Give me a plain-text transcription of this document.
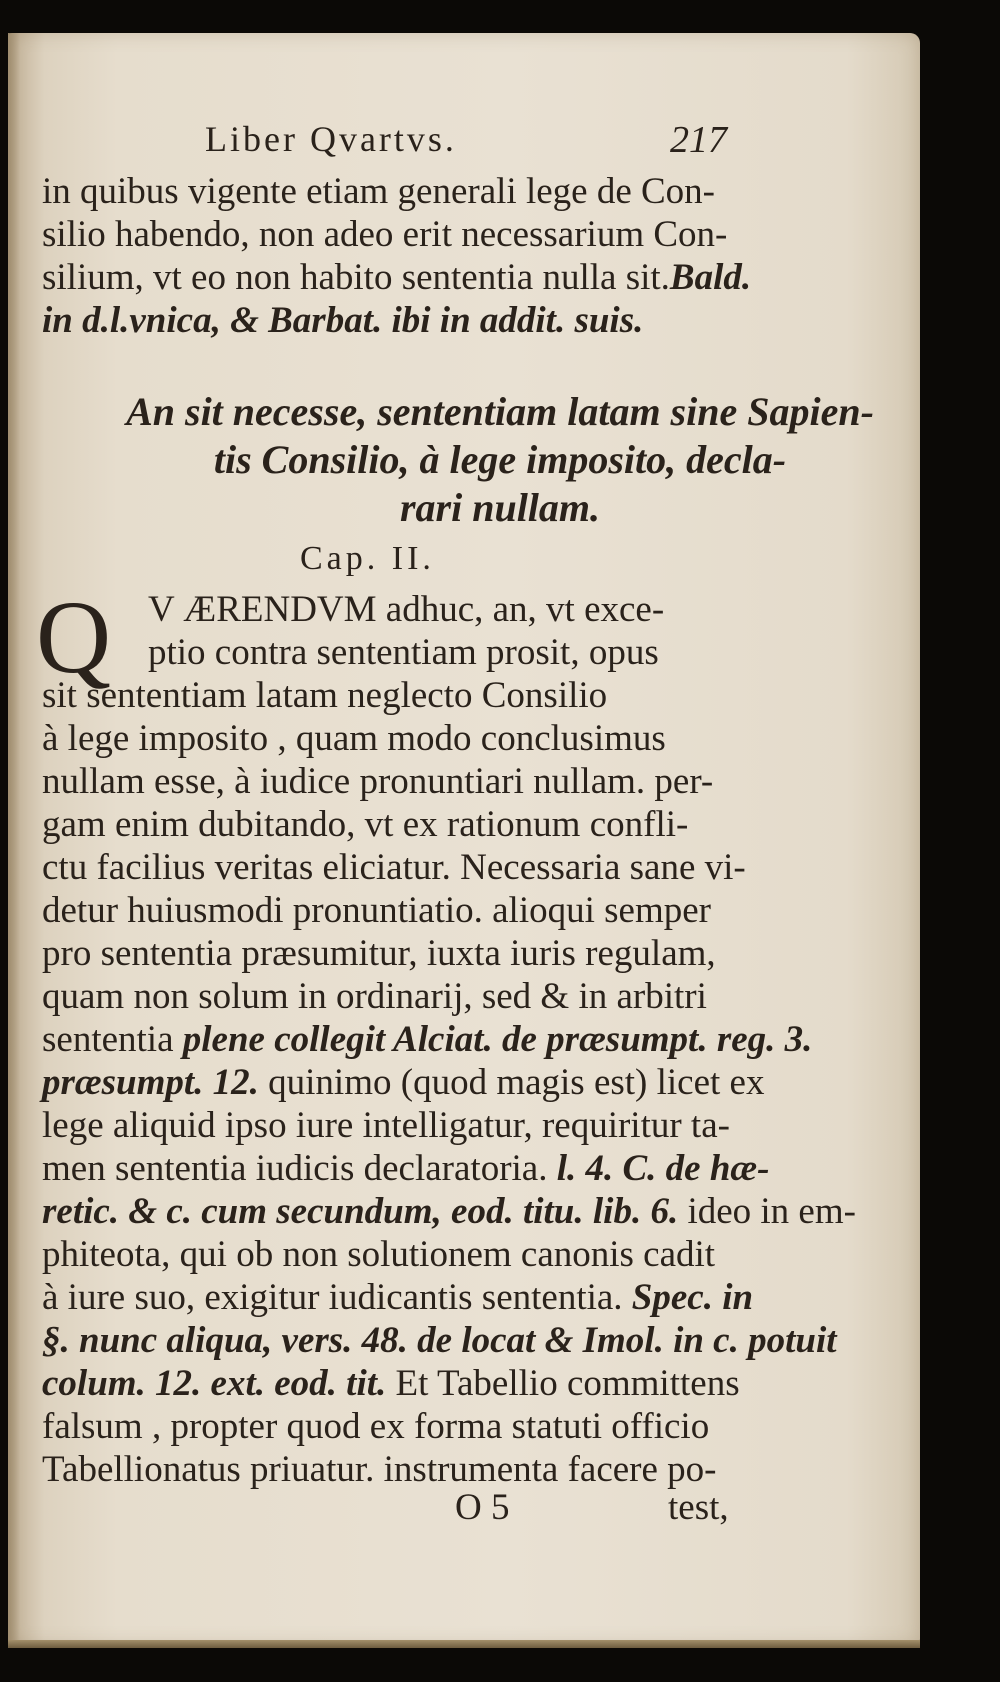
Liber Qvartvs.	217
in quibus vigente etiam generali lege de Con-
silio habendo, non adeo erit necessarium Con-
silium, vt eo non habito sententia nulla sit.Bald.
in d.l.vnica, & Barbat. ibi in addit. suis.
An sit necesse, sententiam latam sine Sapien-
tis Consilio, à lege imposito, decla-
rari nullam.
Cap. II.
Q V ÆRENDVM adhuc, an, vt exce-
ptio contra sententiam prosit, opus
sit sententiam latam neglecto Consilio
à lege imposito , quam modo conclusimus
nullam esse, à iudice pronuntiari nullam. per-
gam enim dubitando, vt ex rationum confli-
ctu facilius veritas eliciatur. Necessaria sane vi-
detur huiusmodi pronuntiatio. alioqui semper
pro sententia præsumitur, iuxta iuris regulam,
quam non solum in ordinarij, sed & in arbitri
sententia plene collegit Alciat. de præsumpt. reg. 3.
præsumpt. 12. quinimo (quod magis est) licet ex
lege aliquid ipso iure intelligatur, requiritur ta-
men sententia iudicis declaratoria. l. 4. C. de hæ-
retic. & c. cum secundum, eod. titu. lib. 6. ideo in em-
phiteota, qui ob non solutionem canonis cadit
à iure suo, exigitur iudicantis sententia. Spec. in
§. nunc aliqua, vers. 48. de locat & Imol. in c. potuit
colum. 12. ext. eod. tit. Et Tabellio committens
falsum , propter quod ex forma statuti officio
Tabellionatus priuatur. instrumenta facere po-
O 5	test,
